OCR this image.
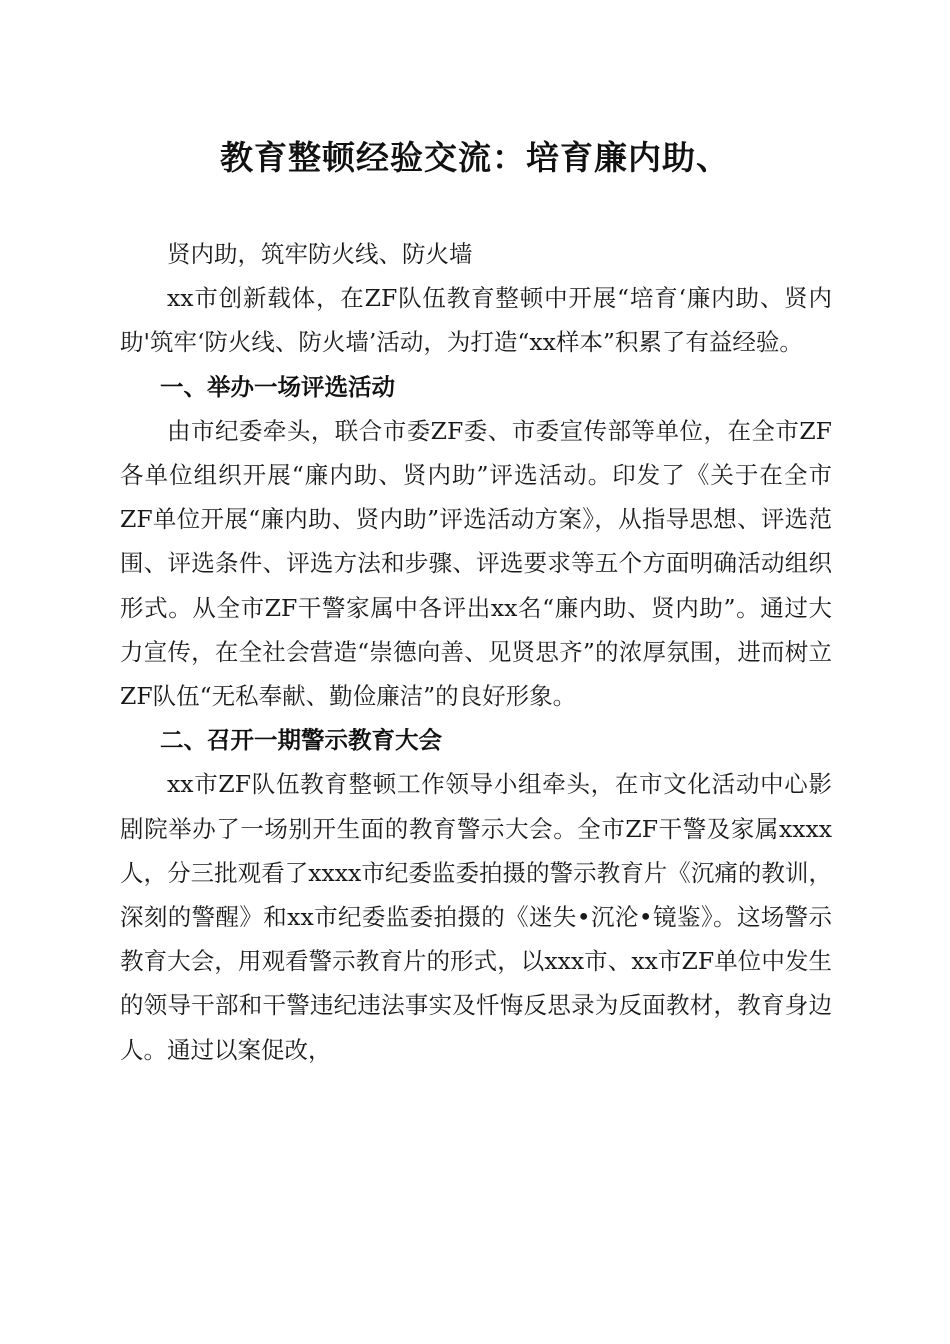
教育整顿经验交流：培育廉内助、

贤内助，筑牢防火线、防火墙

xx市创新载体，在ZF队伍教育整顿中开展“培育‘廉内助、贤内助'筑牢‘防火线、防火墙’活动，为打造“xx样本”积累了有益经验。

一、举办一场评选活动

由市纪委牵头，联合市委ZF委、市委宣传部等单位，在全市ZF各单位组织开展“廉内助、贤内助”评选活动。印发了《关于在全市ZF单位开展“廉内助、贤内助”评选活动方案》，从指导思想、评选范围、评选条件、评选方法和步骤、评选要求等五个方面明确活动组织形式。从全市ZF干警家属中各评出xx名“廉内助、贤内助”。通过大力宣传，在全社会营造“崇德向善、见贤思齐”的浓厚氛围，进而树立ZF队伍“无私奉献、勤俭廉洁”的良好形象。

二、召开一期警示教育大会

xx市ZF队伍教育整顿工作领导小组牵头，在市文化活动中心影剧院举办了一场别开生面的教育警示大会。全市ZF干警及家属xxxx人，分三批观看了xxxx市纪委监委拍摄的警示教育片《沉痛的教训，深刻的警醒》和xx市纪委监委拍摄的《迷失•沉沦•镜鉴》。这场警示教育大会，用观看警示教育片的形式，以xxx市、xx市ZF单位中发生的领导干部和干警违纪违法事实及忏悔反思录为反面教材，教育身边人。通过以案促改，
